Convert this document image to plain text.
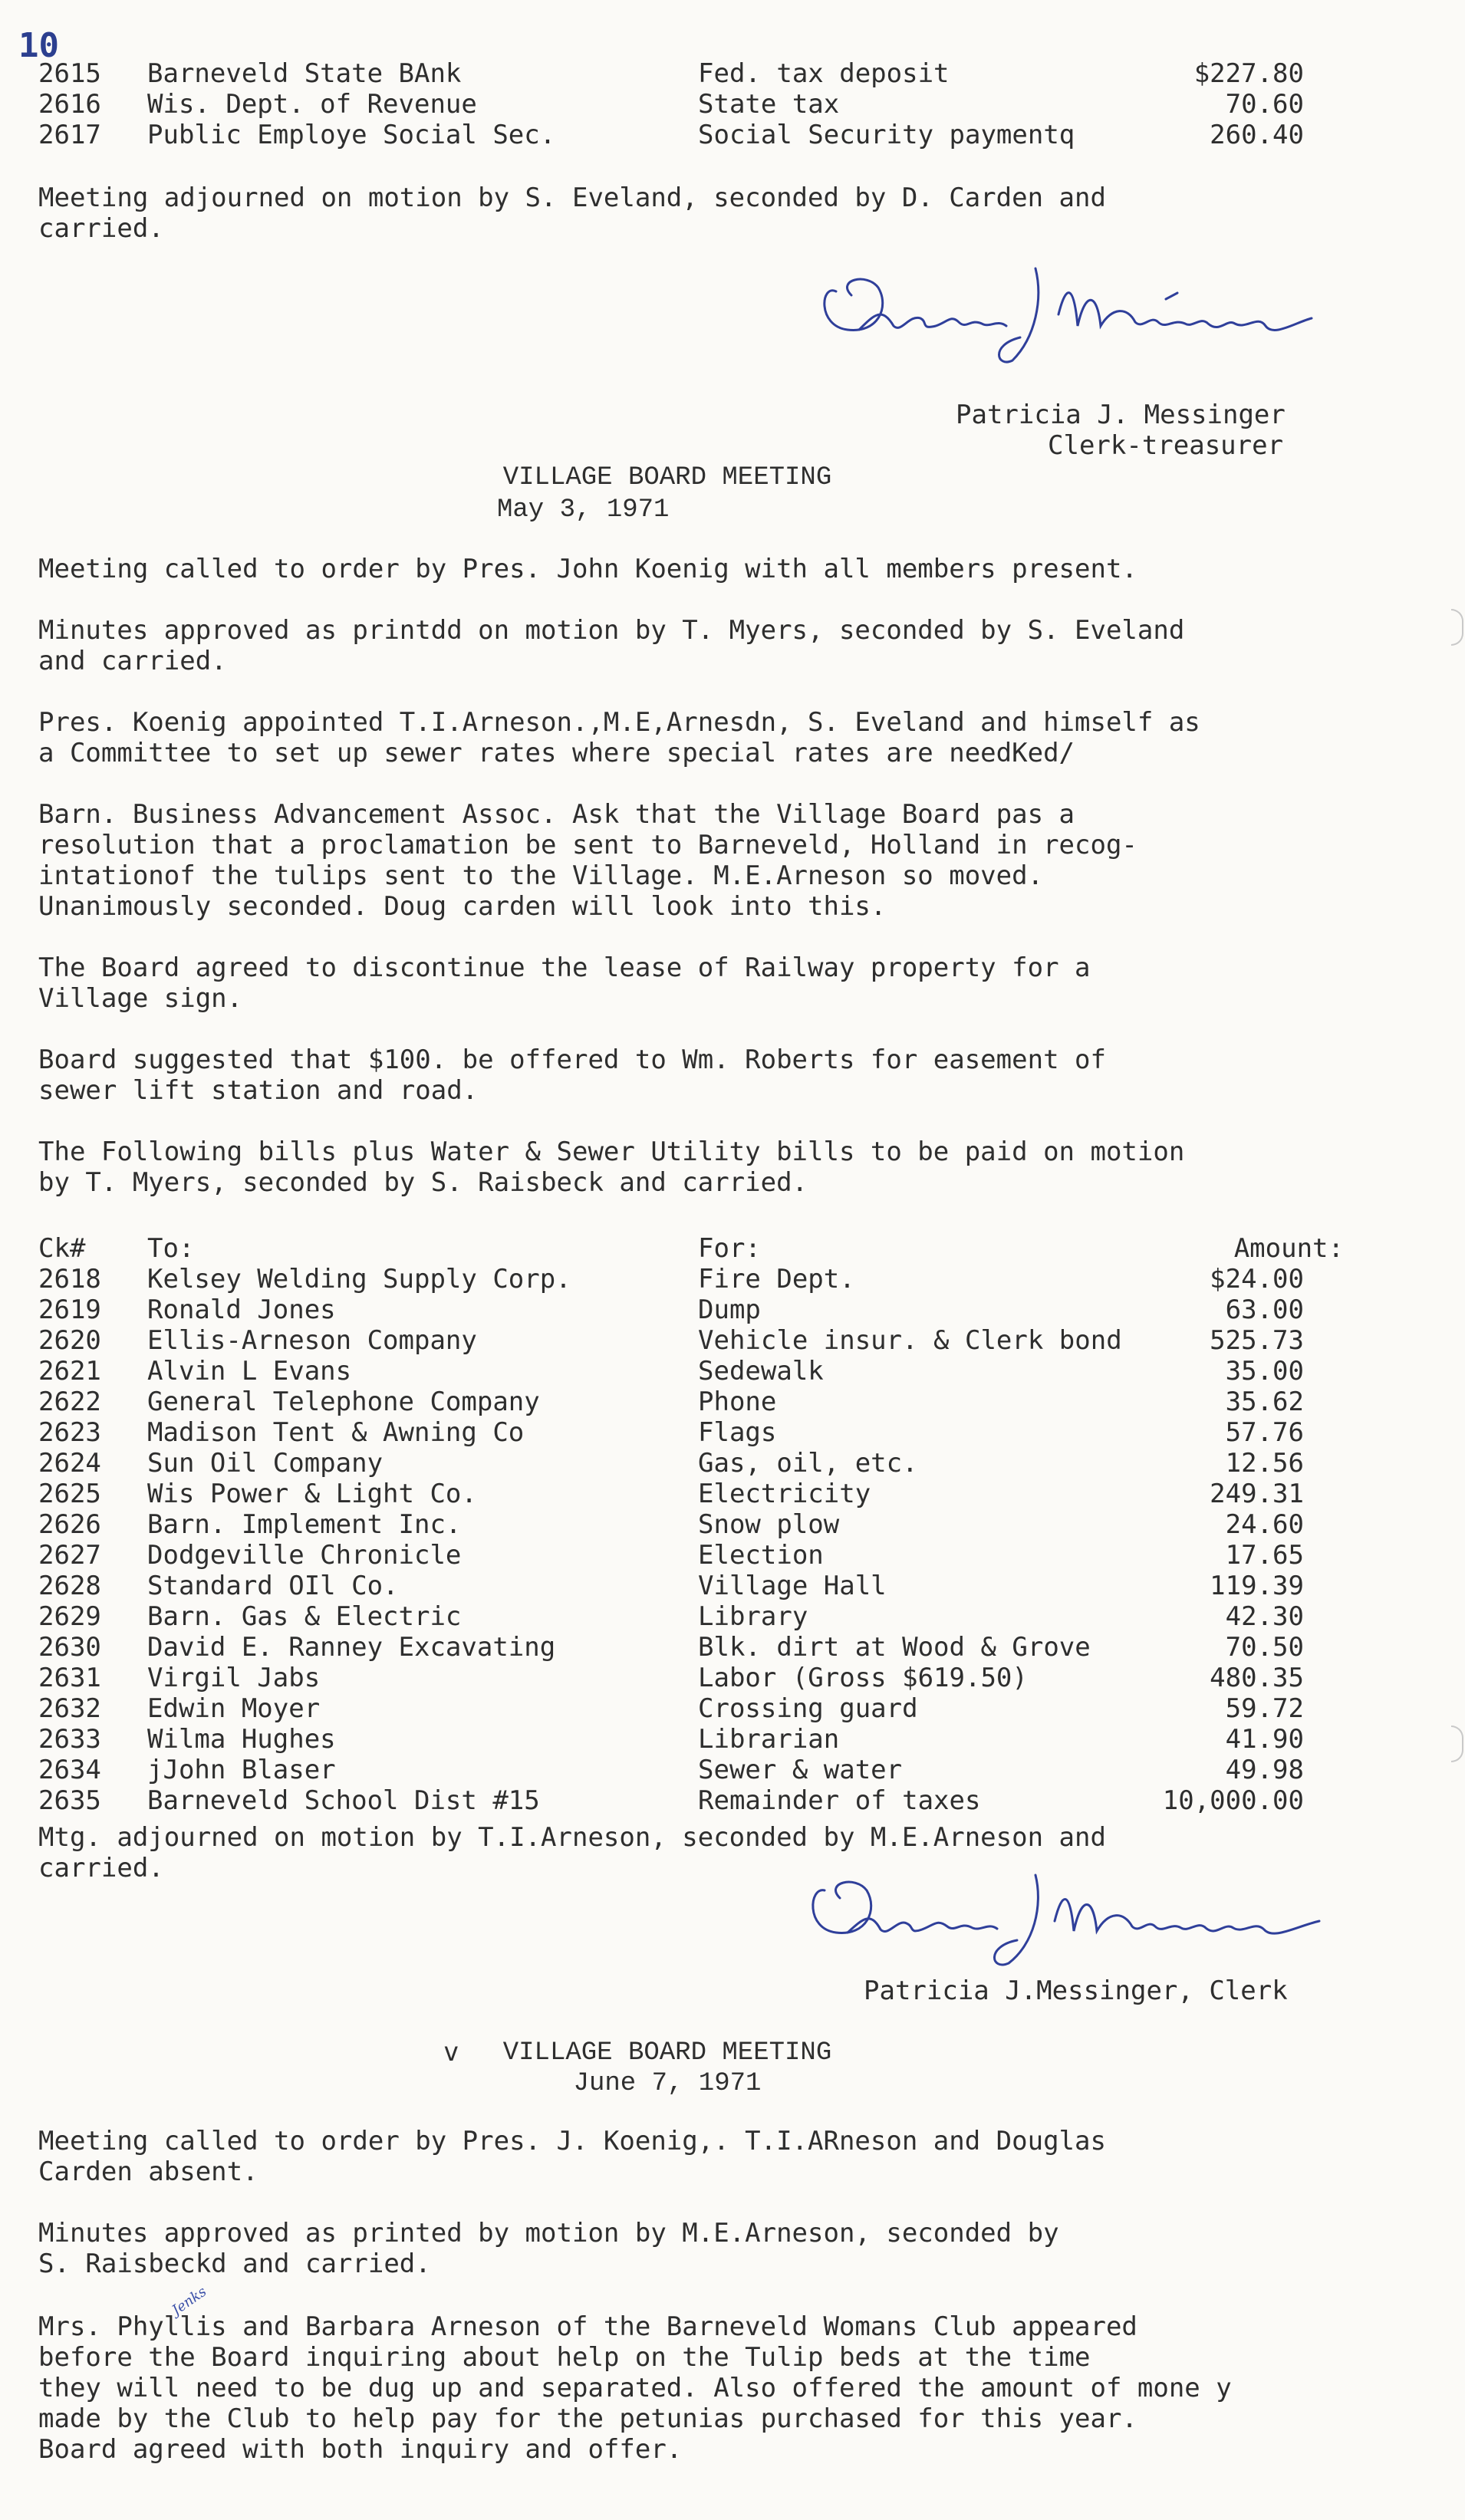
10
2615 Barneveld State BAnk	Fed. tax deposit	$227.80
2616 Wis. Dept. of Revenue	State tax	70.60
2617 Public Employe Social Sec.	Social Security paymentq	260.40
Meeting adjourned on motion by S. Eveland, seconded by D. Carden and
carried.
Patricia J. Messinger
Clerk-treasurer
VILLAGE BOARD MEETING
May 3, 1971
Meeting called to order by Pres. John Koenig with all members present.
Minutes approved as printdd on motion by T. Myers, seconded by S. Eveland
and carried.
Pres. Koenig appointed T.I.Arneson.,M.E,Arnesdn, S. Eveland and himself as
a Committee to set up sewer rates where special rates are needKed/
Barn. Business Advancement Assoc. Ask that the Village Board pas a
resolution that a proclamation be sent to Barneveld, Holland in recog-
intationof the tulips sent to the Village. M.E.Arneson so moved.
Unanimously seconded. Doug carden will look into this.
The Board agreed to discontinue the lease of Railway property for a
Village sign.
Board suggested that $100. be offered to Wm. Roberts for easement of
sewer lift station and road.
The Following bills plus Water & Sewer Utility bills to be paid on motion
by T. Myers, seconded by S. Raisbeck and carried.
Ck# To:	For:	Amount:
2618 Kelsey Welding Supply Corp.	Fire Dept.	$24.00
2619 Ronald Jones	Dump	63.00
2620 Ellis-Arneson Company	Vehicle insur. & Clerk bond	525.73
2621 Alvin L Evans	Sedewalk	35.00
2622 General Telephone Company	Phone	35.62
2623 Madison Tent & Awning Co	Flags	57.76
2624 Sun Oil Company	Gas, oil, etc.	12.56
2625 Wis Power & Light Co.	Electricity	249.31
2626 Barn. Implement Inc.	Snow plow	24.60
2627 Dodgeville Chronicle	Election	17.65
2628 Standard OIl Co.	Village Hall	119.39
2629 Barn. Gas & Electric	Library	42.30
2630 David E. Ranney Excavating	Blk. dirt at Wood & Grove	70.50
2631 Virgil Jabs	Labor (Gross $619.50)	480.35
2632 Edwin Moyer	Crossing guard	59.72
2633 Wilma Hughes	Librarian	41.90
2634 jJohn Blaser	Sewer & water	49.98
2635 Barneveld School Dist #15	Remainder of taxes	10,000.00
Mtg. adjourned on motion by T.I.Arneson, seconded by M.E.Arneson and
carried.
Patricia J.Messinger, Clerk
v	VILLAGE BOARD MEETING
June 7, 1971
Meeting called to order by Pres. J. Koenig,. T.I.ARneson and Douglas
Carden absent.
Minutes approved as printed by motion by M.E.Arneson, seconded by
S. Raisbeckd and carried.
Mrs. Phyllis and Barbara Arneson of the Barneveld Womans Club appeared
before the Board inquiring about help on the Tulip beds at the time
they will need to be dug up and separated. Also offered the amount of mone y
made by the Club to help pay for the petunias purchased for this year.
Board agreed with both inquiry and offer.
Jenks
